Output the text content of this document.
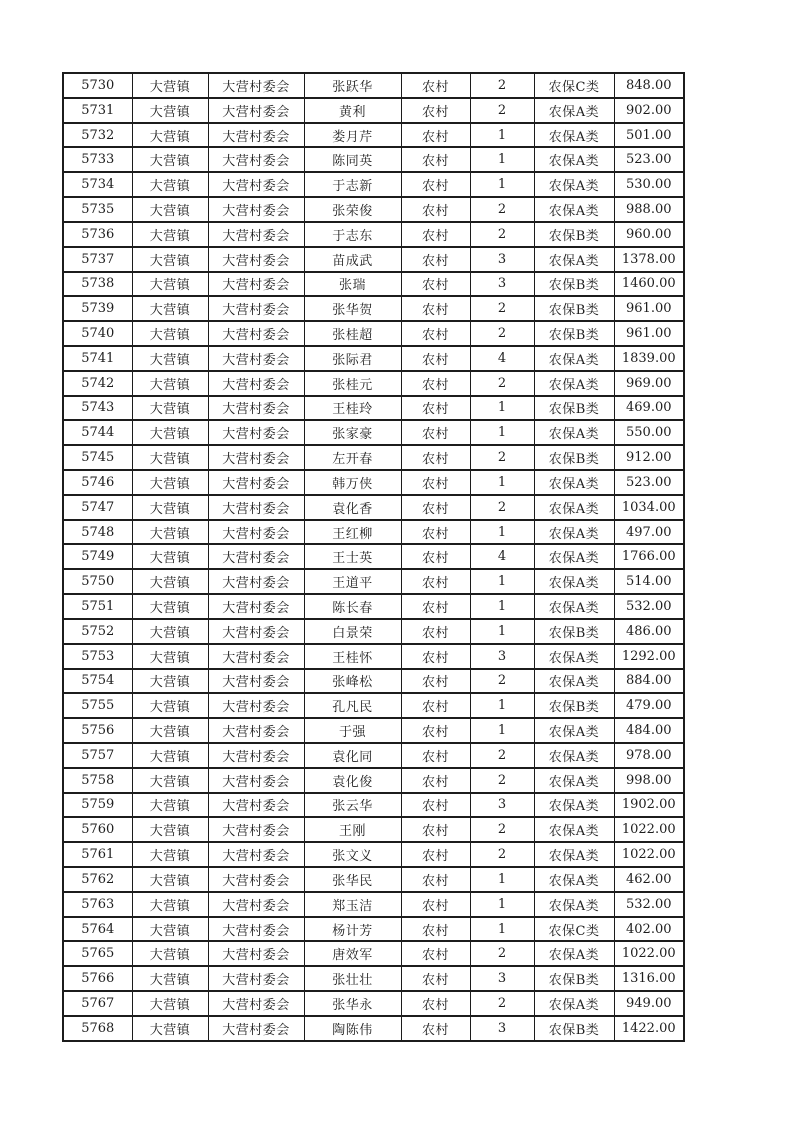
5730	大营镇	大营村委会	张跃华	农村	2	农保C类	848.00
5731	大营镇	大营村委会	黄利	农村	2	农保A类	902.00
5732	大营镇	大营村委会	娄月芹	农村	1	农保A类	501.00
5733	大营镇	大营村委会	陈同英	农村	1	农保A类	523.00
5734	大营镇	大营村委会	于志新	农村	1	农保A类	530.00
5735	大营镇	大营村委会	张荣俊	农村	2	农保A类	988.00
5736	大营镇	大营村委会	于志东	农村	2	农保B类	960.00
5737	大营镇	大营村委会	苗成武	农村	3	农保A类	1378.00
5738	大营镇	大营村委会	张瑞	农村	3	农保B类	1460.00
5739	大营镇	大营村委会	张华贺	农村	2	农保B类	961.00
5740	大营镇	大营村委会	张桂超	农村	2	农保B类	961.00
5741	大营镇	大营村委会	张际君	农村	4	农保A类	1839.00
5742	大营镇	大营村委会	张桂元	农村	2	农保A类	969.00
5743	大营镇	大营村委会	王桂玲	农村	1	农保B类	469.00
5744	大营镇	大营村委会	张家豪	农村	1	农保A类	550.00
5745	大营镇	大营村委会	左开春	农村	2	农保B类	912.00
5746	大营镇	大营村委会	韩万侠	农村	1	农保A类	523.00
5747	大营镇	大营村委会	袁化香	农村	2	农保A类	1034.00
5748	大营镇	大营村委会	王红柳	农村	1	农保A类	497.00
5749	大营镇	大营村委会	王士英	农村	4	农保A类	1766.00
5750	大营镇	大营村委会	王道平	农村	1	农保A类	514.00
5751	大营镇	大营村委会	陈长春	农村	1	农保A类	532.00
5752	大营镇	大营村委会	白景荣	农村	1	农保B类	486.00
5753	大营镇	大营村委会	王桂怀	农村	3	农保A类	1292.00
5754	大营镇	大营村委会	张峰松	农村	2	农保A类	884.00
5755	大营镇	大营村委会	孔凡民	农村	1	农保B类	479.00
5756	大营镇	大营村委会	于强	农村	1	农保A类	484.00
5757	大营镇	大营村委会	袁化同	农村	2	农保A类	978.00
5758	大营镇	大营村委会	袁化俊	农村	2	农保A类	998.00
5759	大营镇	大营村委会	张云华	农村	3	农保A类	1902.00
5760	大营镇	大营村委会	王刚	农村	2	农保A类	1022.00
5761	大营镇	大营村委会	张文义	农村	2	农保A类	1022.00
5762	大营镇	大营村委会	张华民	农村	1	农保A类	462.00
5763	大营镇	大营村委会	郑玉洁	农村	1	农保A类	532.00
5764	大营镇	大营村委会	杨计芳	农村	1	农保C类	402.00
5765	大营镇	大营村委会	唐效军	农村	2	农保A类	1022.00
5766	大营镇	大营村委会	张壮壮	农村	3	农保B类	1316.00
5767	大营镇	大营村委会	张华永	农村	2	农保A类	949.00
5768	大营镇	大营村委会	陶陈伟	农村	3	农保B类	1422.00
